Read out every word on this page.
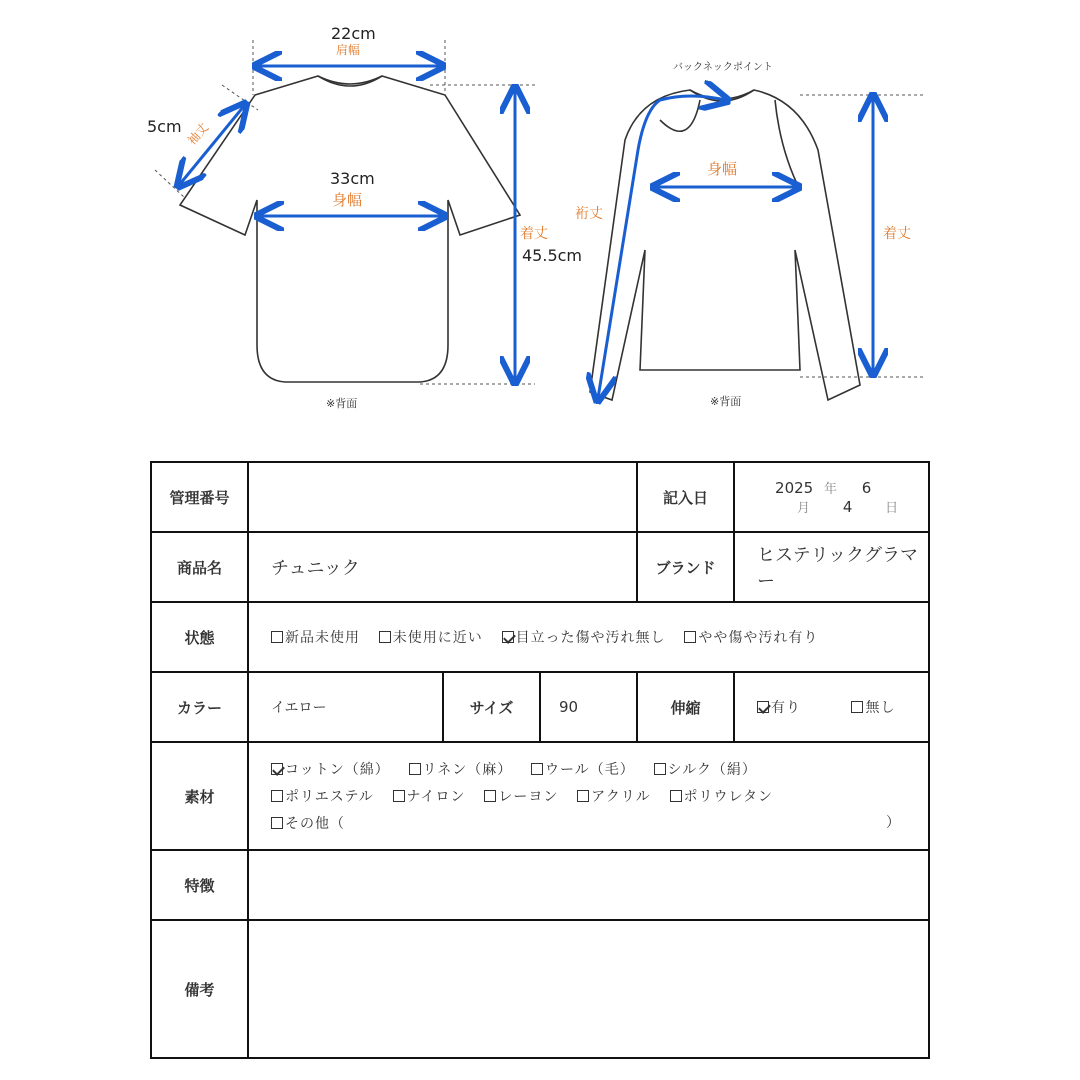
22cm
肩幅
5cm 袖丈
33cm
身幅
着丈
45.5cm
※背面
バックネックポイント
身幅
裄丈
着丈
※背面
管理番号				記入日	2025 年 6 月 4 日
商品名	チュニック			ブランド	ヒステリックグラマー
状態	新品未使用 未使用に近い 目立った傷や汚れ無し やや傷や汚れ有り				
カラー	イエロー	サイズ	90	伸縮	有り 無し
素材	コットン（綿） リネン（麻） ウール（毛） シルク（絹）
ポリエステル ナイロン レーヨン アクリル ポリウレタン
その他（ ）				

特徴					
備考					
